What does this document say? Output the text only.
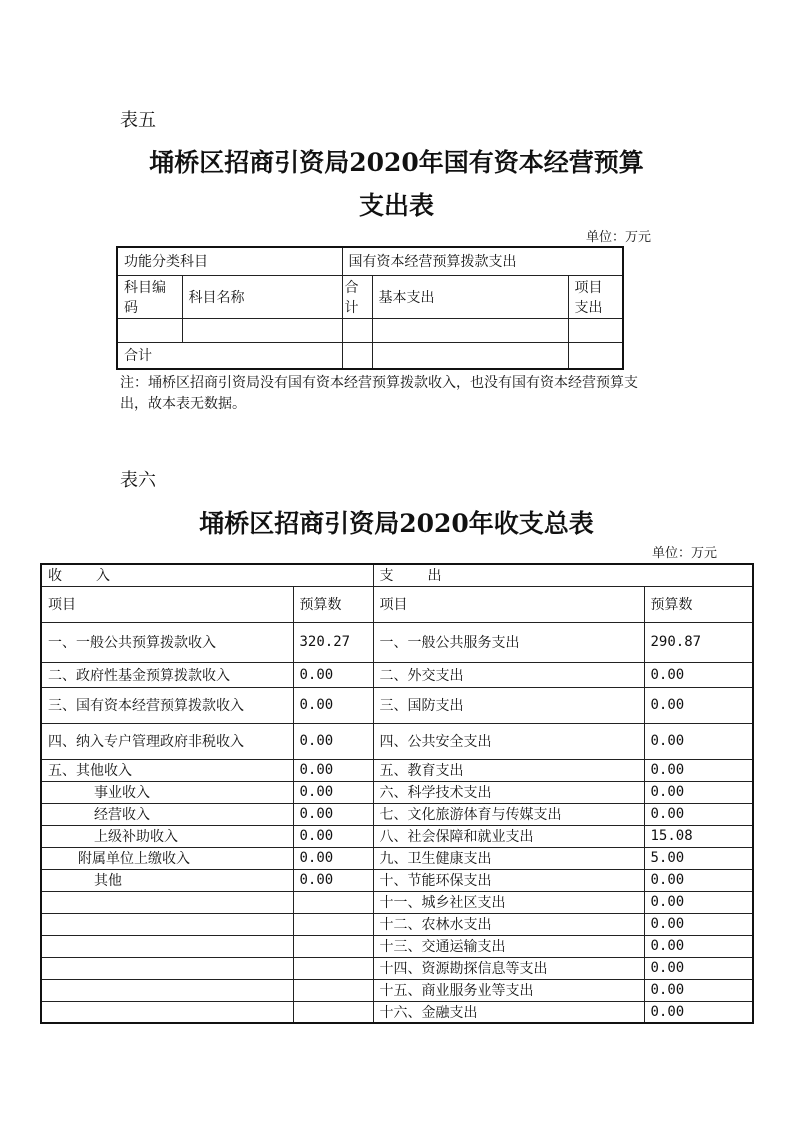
表五
埇桥区招商引资局2020年国有资本经营预算
支出表
单位：万元
功能分类科目		国有资本经营预算拨款支出		
科目编码	科目名称	合计	基本支出	项目支出

合计				
注：埇桥区招商引资局没有国有资本经营预算拨款收入，也没有国有资本经营预算支出，故本表无数据。
表六
埇桥区招商引资局2020年收支总表
单位：万元
收　入		支　出	
项目	预算数	项目	预算数
一、一般公共预算拨款收入	320.27	一、一般公共服务支出	290.87
二、政府性基金预算拨款收入	0.00	二、外交支出	0.00
三、国有资本经营预算拨款收入	0.00	三、国防支出	0.00
四、纳入专户管理政府非税收入	0.00	四、公共安全支出	0.00
五、其他收入	0.00	五、教育支出	0.00
事业收入	0.00	六、科学技术支出	0.00
经营收入	0.00	七、文化旅游体育与传媒支出	0.00
上级补助收入	0.00	八、社会保障和就业支出	15.08
附属单位上缴收入	0.00	九、卫生健康支出	5.00
其他	0.00	十、节能环保支出	0.00
		十一、城乡社区支出	0.00
		十二、农林水支出	0.00
		十三、交通运输支出	0.00
		十四、资源勘探信息等支出	0.00
		十五、商业服务业等支出	0.00
		十六、金融支出	0.00
